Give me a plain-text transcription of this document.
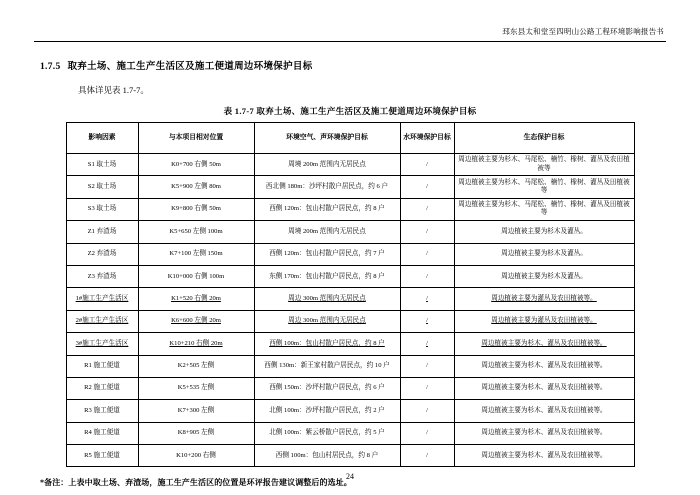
邳东县太和堂至四明山公路工程环境影响报告书
1.7.5 取弃土场、施工生产生活区及施工便道周边环境保护目标
具体详见表 1.7-7。
表 1.7-7 取弃土场、施工生产生活区及施工便道周边环境保护目标
影响因素	与本项目相对位置	环境空气、声环境保护目标	水环境保护目标	生态保护目标
S1 取土场	K0+700 右侧 50m	周境 200m 范围内无居民点	/	周边植被主要为杉木、马尾松、楠竹、橡树、灌丛及农田植被等
S2 取土场	K5+900 左侧 80m	西北侧 180m：沙坪村散户居民点，约 6 户	/	周边植被主要为杉木、马尾松、楠竹、橡树、灌丛及田植被等
S3 取土场	K9+800 右侧 50m	西侧 120m：包山村散户居民点，约 8 户	/	周边植被主要为杉木、马尾松、楠竹、橡树、灌丛及田植被等
Z1 弃渣场	K5+650 左侧 100m	周境 200m 范围内无居民点	/	周边植被主要为杉木及灌丛。
Z2 弃渣场	K7+100 左侧 150m	西侧 120m：包山村散户居民点，约 7 户	/	周边植被主要为杉木及灌丛。
Z3 弃渣场	K10+000 右侧 100m	东侧 170m：包山村散户居民点，约 8 户	/	周边植被主要为杉木及灌丛。
1#施工生产生活区	K1+520 右侧 20m	周边 300m 范围内无居民点	/	周边植被主要为灌丛及农田植被等。
2#施工生产生活区	K6+600 左侧 20m	周边 300m 范围内无居民点	/	周边植被主要为灌丛及农田植被等。
3#施工生产生活区	K10+210 右侧 20m	西侧 100m：包山村散户居民点，约 8 户	/	周边植被主要为杉木、灌丛及农田植被等。
R1 施工便道	K2+505 左侧	西侧 130m：新王家村散户居民点，约 10 户	/	周边植被主要为杉木、灌丛及农田植被等。
R2 施工便道	K5+535 左侧	西侧 150m：沙坪村散户居民点，约 6 户	/	周边植被主要为杉木、灌丛及农田植被等。
R3 施工便道	K7+300 左侧	北侧 100m：沙坪村散户居民点，约 2 户	/	周边植被主要为杉木、灌丛及农田植被等。
R4 施工便道	K8+905 左侧	北侧 100m：紫云桥散户居民点，约 5 户	/	周边植被主要为杉木、灌丛及农田植被等。
R5 施工便道	K10+200 右侧	西侧 100m：包山村居民点，约 8 户	/	周边植被主要为杉木、灌丛及农田植被等。
*备注：上表中取土场、弃渣场，施工生产生活区的位置是环评报告建议调整后的选址。
24
